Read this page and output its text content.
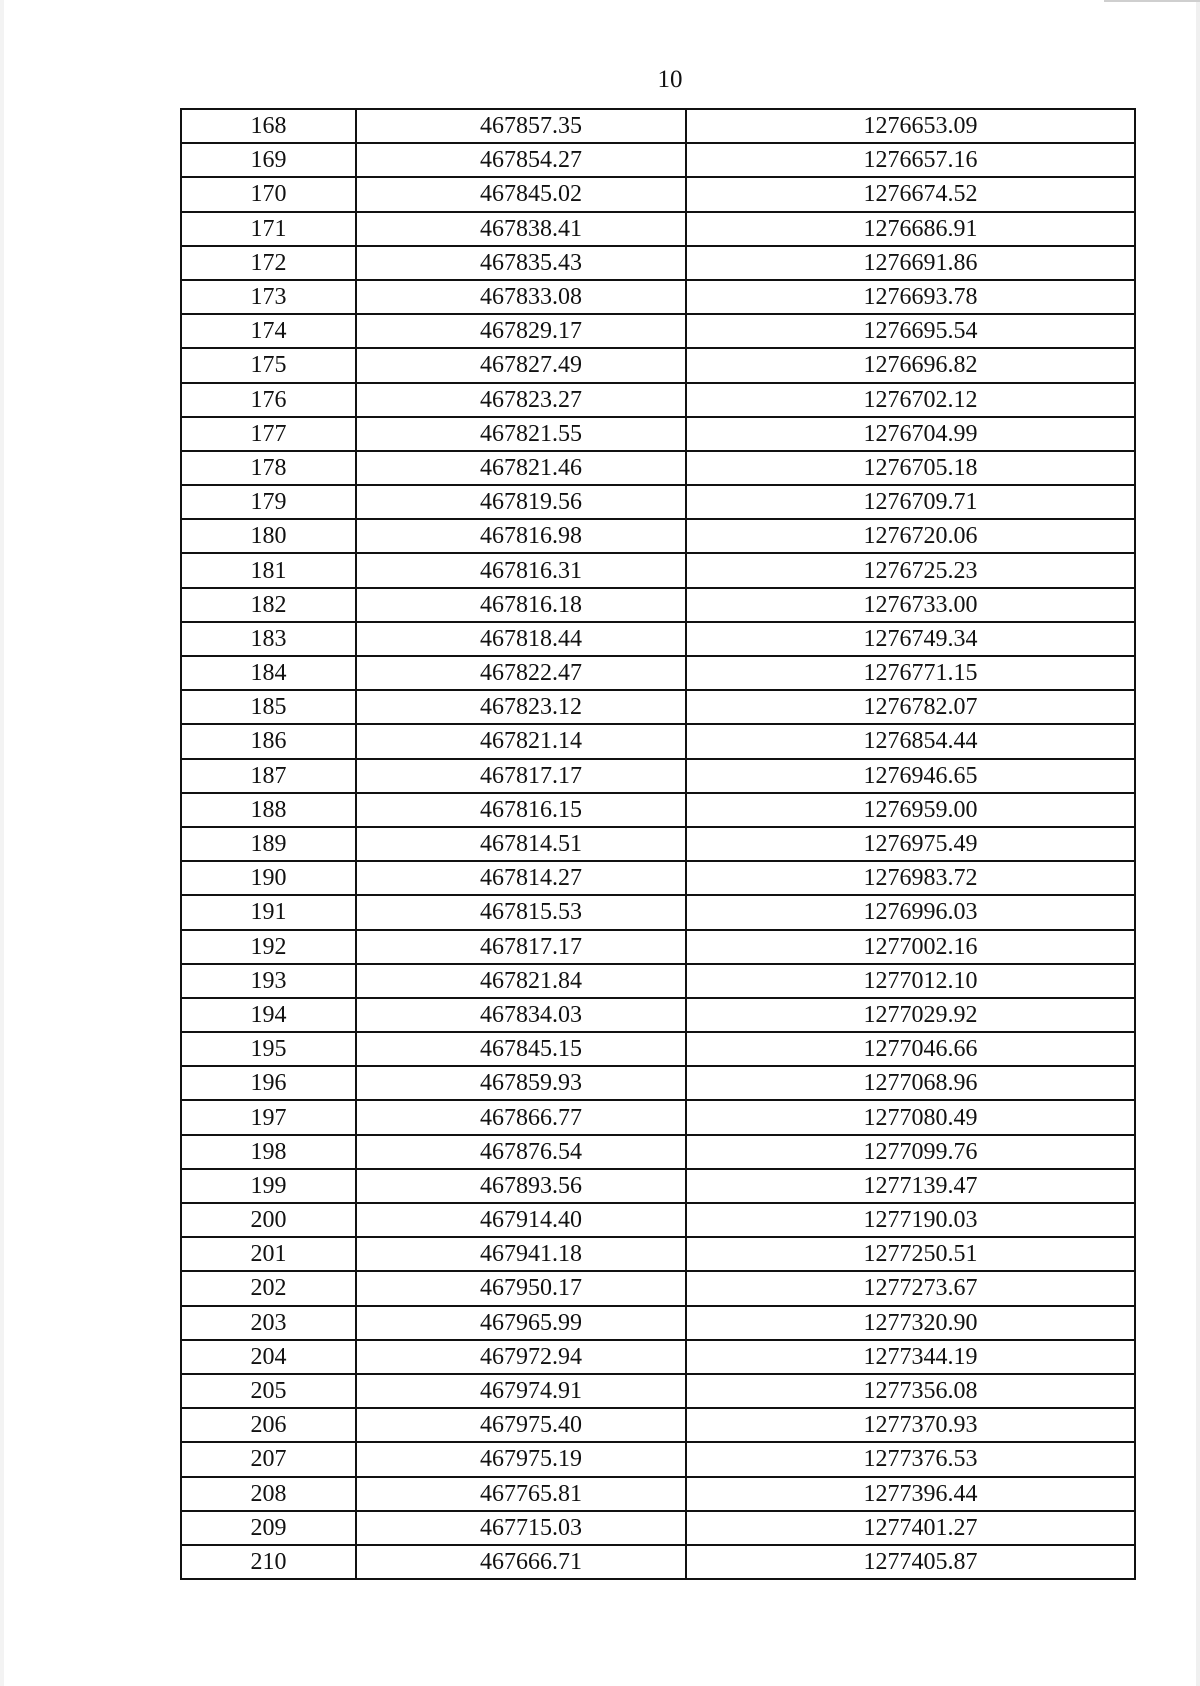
10
168	467857.35	1276653.09
169	467854.27	1276657.16
170	467845.02	1276674.52
171	467838.41	1276686.91
172	467835.43	1276691.86
173	467833.08	1276693.78
174	467829.17	1276695.54
175	467827.49	1276696.82
176	467823.27	1276702.12
177	467821.55	1276704.99
178	467821.46	1276705.18
179	467819.56	1276709.71
180	467816.98	1276720.06
181	467816.31	1276725.23
182	467816.18	1276733.00
183	467818.44	1276749.34
184	467822.47	1276771.15
185	467823.12	1276782.07
186	467821.14	1276854.44
187	467817.17	1276946.65
188	467816.15	1276959.00
189	467814.51	1276975.49
190	467814.27	1276983.72
191	467815.53	1276996.03
192	467817.17	1277002.16
193	467821.84	1277012.10
194	467834.03	1277029.92
195	467845.15	1277046.66
196	467859.93	1277068.96
197	467866.77	1277080.49
198	467876.54	1277099.76
199	467893.56	1277139.47
200	467914.40	1277190.03
201	467941.18	1277250.51
202	467950.17	1277273.67
203	467965.99	1277320.90
204	467972.94	1277344.19
205	467974.91	1277356.08
206	467975.40	1277370.93
207	467975.19	1277376.53
208	467765.81	1277396.44
209	467715.03	1277401.27
210	467666.71	1277405.87
